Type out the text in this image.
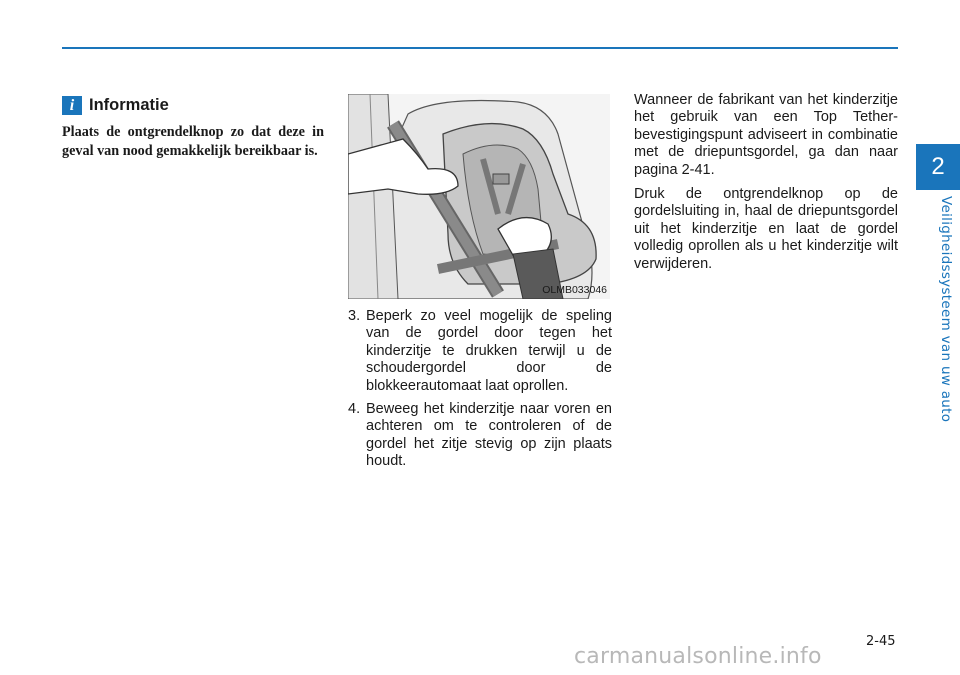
2
Veiligheidssysteem van uw auto
i Informatie
Plaats de ontgrendelknop zo dat deze in geval van nood gemakkelijk bereikbaar is.
OLMB033046
3. Beperk zo veel mogelijk de speling van de gordel door tegen het kinderzitje te drukken terwijl u de schoudergordel door de blokkeerautomaat laat oprollen.
4. Beweeg het kinderzitje naar voren en achteren om te controleren of de gordel het zitje stevig op zijn plaats houdt.

Wanneer de fabrikant van het kinderzitje het gebruik van een Top Tether-bevestigingspunt adviseert in combinatie met de driepuntsgordel, ga dan naar pagina 2-41.

Druk de ontgrendelknop op de gordelsluiting in, haal de driepuntsgordel uit het kinderzitje en laat de gordel volledig oprollen als u het kinderzitje wilt verwijderen.

2-45
carmanualsonline.info
